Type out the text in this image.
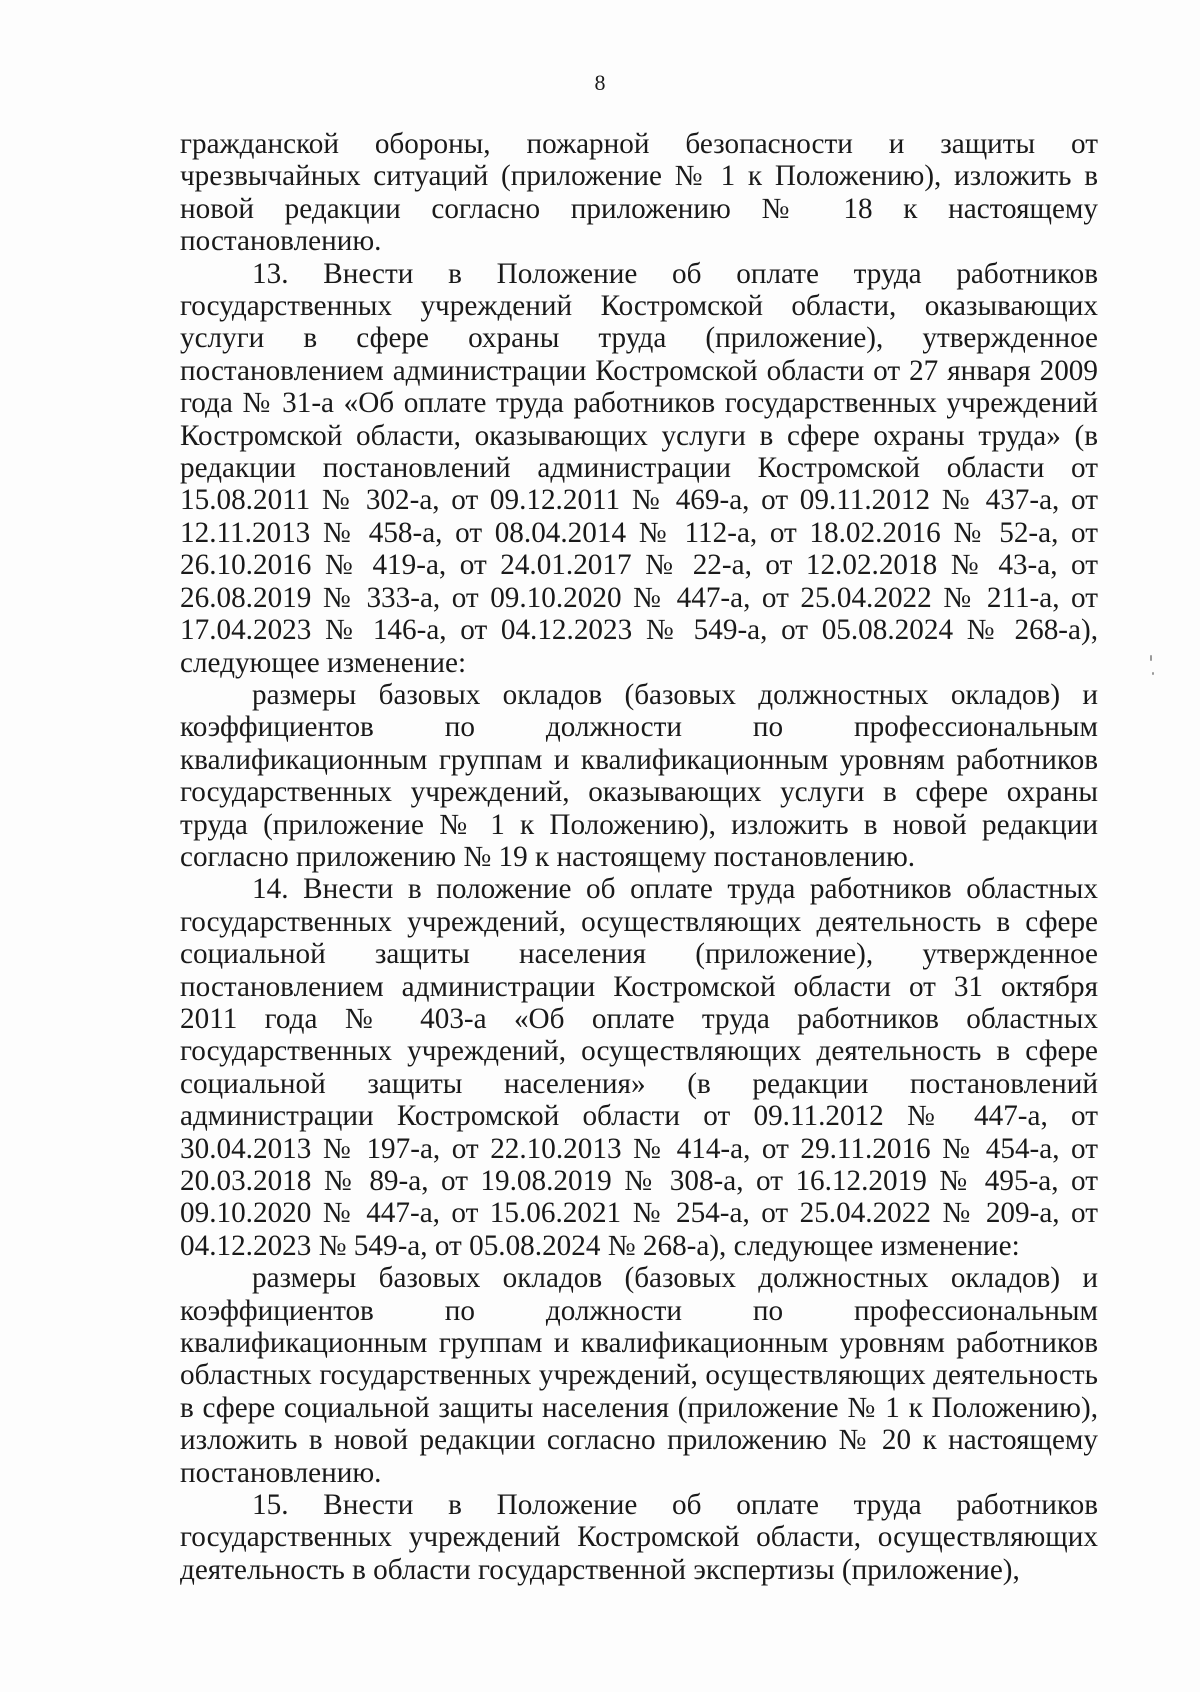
8

гражданской обороны, пожарной безопасности и защиты от чрезвычайных ситуаций (приложение № 1 к Положению), изложить в новой редакции согласно приложению № 18 к настоящему постановлению.

13. Внести в Положение об оплате труда работников государственных учреждений Костромской области, оказывающих услуги в сфере охраны труда (приложение), утвержденное постановлением администрации Костромской области от 27 января 2009 года № 31-а «Об оплате труда работников государственных учреждений Костромской области, оказывающих услуги в сфере охраны труда» (в редакции постановлений администрации Костромской области от 15.08.2011 № 302-а, от 09.12.2011 № 469-а, от 09.11.2012 № 437-а, от 12.11.2013 № 458-а, от 08.04.2014 № 112-а, от 18.02.2016 № 52-а, от 26.10.2016 № 419-а, от 24.01.2017 № 22-а, от 12.02.2018 № 43-а, от 26.08.2019 № 333-а, от 09.10.2020 № 447-а, от 25.04.2022 № 211-а, от 17.04.2023 № 146-а, от 04.12.2023 № 549-а, от 05.08.2024 № 268-а), следующее изменение:

размеры базовых окладов (базовых должностных окладов) и коэффициентов по должности по профессиональным квалификационным группам и квалификационным уровням работников государственных учреждений, оказывающих услуги в сфере охраны труда (приложение № 1 к Положению), изложить в новой редакции согласно приложению № 19 к настоящему постановлению.

14. Внести в положение об оплате труда работников областных государственных учреждений, осуществляющих деятельность в сфере социальной защиты населения (приложение), утвержденное постановлением администрации Костромской области от 31 октября 2011 года № 403-а «Об оплате труда работников областных государственных учреждений, осуществляющих деятельность в сфере социальной защиты населения» (в редакции постановлений администрации Костромской области от 09.11.2012 № 447-а, от 30.04.2013 № 197-а, от 22.10.2013 № 414-а, от 29.11.2016 № 454-а, от 20.03.2018 № 89-а, от 19.08.2019 № 308-а, от 16.12.2019 № 495-а, от 09.10.2020 № 447-а, от 15.06.2021 № 254-а, от 25.04.2022 № 209-а, от 04.12.2023 № 549-а, от 05.08.2024 № 268-а), следующее изменение:

размеры базовых окладов (базовых должностных окладов) и коэффициентов по должности по профессиональным квалификационным группам и квалификационным уровням работников областных государственных учреждений, осуществляющих деятельность в сфере социальной защиты населения (приложение № 1 к Положению), изложить в новой редакции согласно приложению № 20 к настоящему постановлению.

15. Внести в Положение об оплате труда работников государственных учреждений Костромской области, осуществляющих деятельность в области государственной экспертизы (приложение),
